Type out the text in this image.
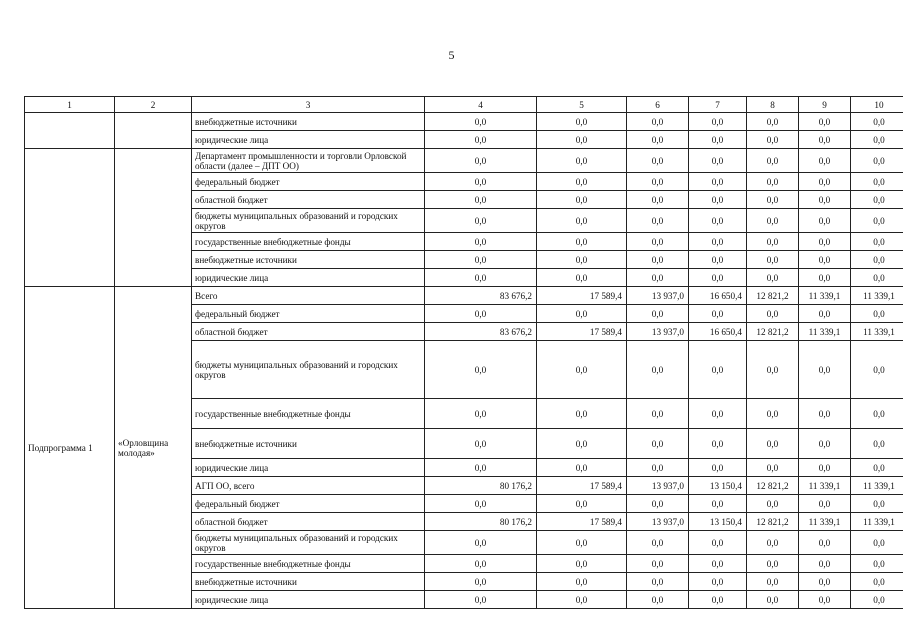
5
1	2	3	4	5	6	7	8	9	10
		внебюджетные источники	0,0	0,0	0,0	0,0	0,0	0,0	0,0
		юридические лица	0,0	0,0	0,0	0,0	0,0	0,0	0,0
		Департамент промышленности и торговли Орловской области (далее – ДПТ ОО)	0,0	0,0	0,0	0,0	0,0	0,0	0,0
		федеральный бюджет	0,0	0,0	0,0	0,0	0,0	0,0	0,0
		областной бюджет	0,0	0,0	0,0	0,0	0,0	0,0	0,0
		бюджеты муниципальных образований и городских округов	0,0	0,0	0,0	0,0	0,0	0,0	0,0
		государственные внебюджетные фонды	0,0	0,0	0,0	0,0	0,0	0,0	0,0
		внебюджетные источники	0,0	0,0	0,0	0,0	0,0	0,0	0,0
		юридические лица	0,0	0,0	0,0	0,0	0,0	0,0	0,0
Подпрограмма 1	«Орловщина молодая»	Всего	83 676,2	17 589,4	13 937,0	16 650,4	12 821,2	11 339,1	11 339,1
		федеральный бюджет	0,0	0,0	0,0	0,0	0,0	0,0	0,0
		областной бюджет	83 676,2	17 589,4	13 937,0	16 650,4	12 821,2	11 339,1	11 339,1
		бюджеты муниципальных образований и городских округов	0,0	0,0	0,0	0,0	0,0	0,0	0,0
		государственные внебюджетные фонды	0,0	0,0	0,0	0,0	0,0	0,0	0,0
		внебюджетные источники	0,0	0,0	0,0	0,0	0,0	0,0	0,0
		юридические лица	0,0	0,0	0,0	0,0	0,0	0,0	0,0
		АГП ОО, всего	80 176,2	17 589,4	13 937,0	13 150,4	12 821,2	11 339,1	11 339,1
		федеральный бюджет	0,0	0,0	0,0	0,0	0,0	0,0	0,0
		областной бюджет	80 176,2	17 589,4	13 937,0	13 150,4	12 821,2	11 339,1	11 339,1
		бюджеты муниципальных образований и городских округов	0,0	0,0	0,0	0,0	0,0	0,0	0,0
		государственные внебюджетные фонды	0,0	0,0	0,0	0,0	0,0	0,0	0,0
		внебюджетные источники	0,0	0,0	0,0	0,0	0,0	0,0	0,0
		юридические лица	0,0	0,0	0,0	0,0	0,0	0,0	0,0
